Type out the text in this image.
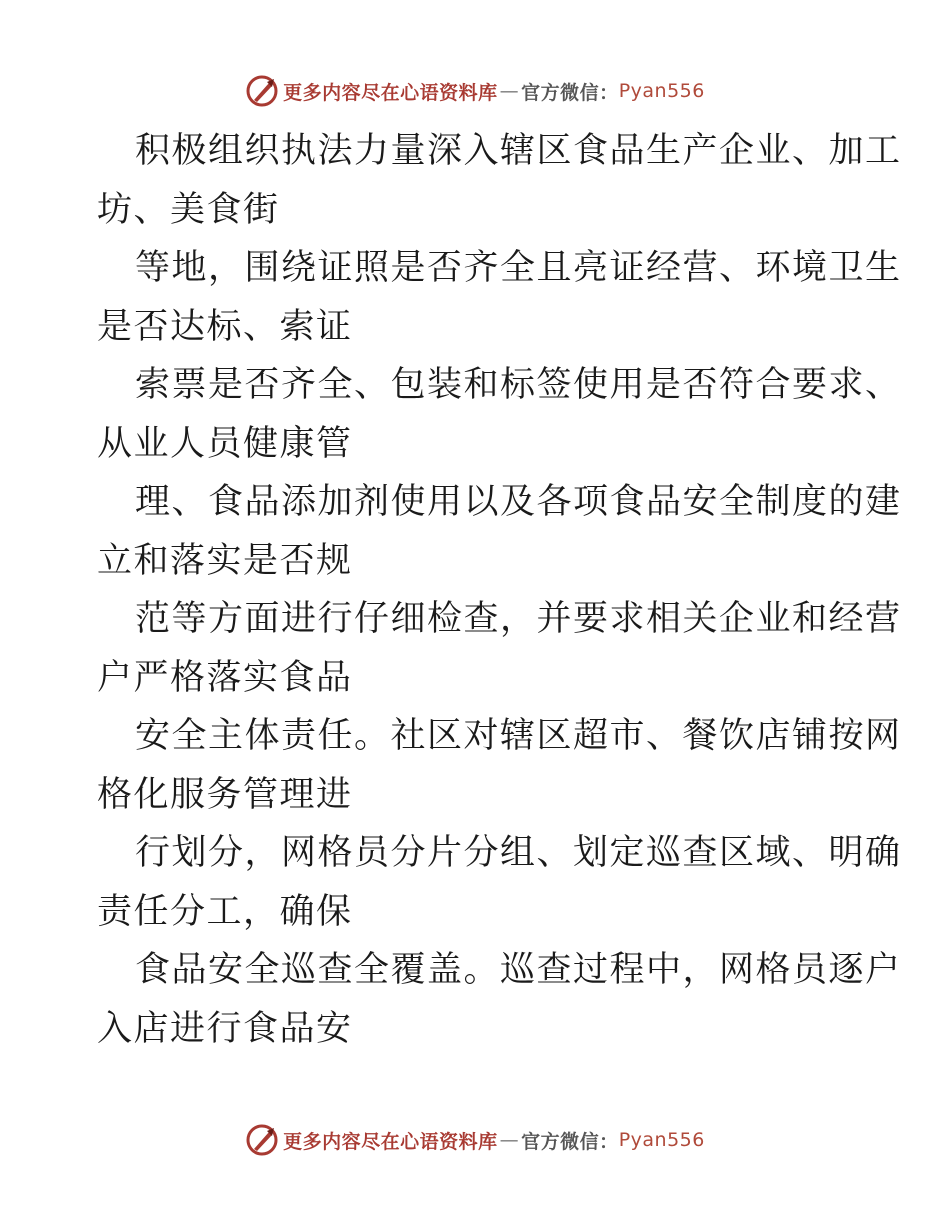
更多内容尽在心语资料库 — 官方微信： Pyan556

积极组织执法力量深入辖区食品生产企业、加工
坊、美食街

等地，围绕证照是否齐全且亮证经营、环境卫生
是否达标、索证

索票是否齐全、包装和标签使用是否符合要求、
从业人员健康管

理、食品添加剂使用以及各项食品安全制度的建
立和落实是否规

范等方面进行仔细检查，并要求相关企业和经营
户严格落实食品

安全主体责任。社区对辖区超市、餐饮店铺按网
格化服务管理进

行划分，网格员分片分组、划定巡查区域、明确
责任分工，确保

食品安全巡查全覆盖。巡查过程中，网格员逐户
入店进行食品安

更多内容尽在心语资料库 — 官方微信： Pyan556
